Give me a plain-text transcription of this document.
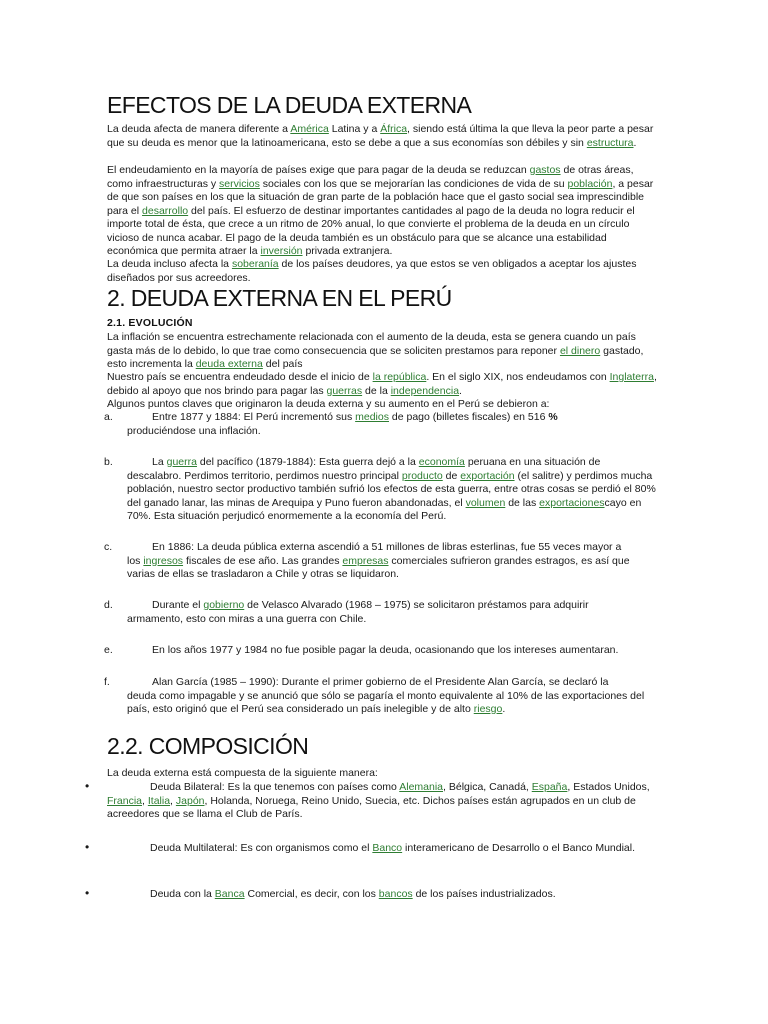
EFECTOS DE LA DEUDA EXTERNA

La deuda afecta de manera diferente a América Latina y a África, siendo está última la que lleva la peor parte a pesar que su deuda es menor que la latinoamericana, esto se debe a que a sus economías son débiles y sin estructura.

El endeudamiento en la mayoría de países exige que para pagar de la deuda se reduzcan gastos de otras áreas, como infraestructuras y servicios sociales con los que se mejorarían las condiciones de vida de su población, a pesar de que son países en los que la situación de gran parte de la población hace que el gasto social sea imprescindible para el desarrollo del país. El esfuerzo de destinar importantes cantidades al pago de la deuda no logra reducir el importe total de ésta, que crece a un ritmo de 20% anual, lo que convierte el problema de la deuda en un círculo vicioso de nunca acabar. El pago de la deuda también es un obstáculo para que se alcance una estabilidad económica que permita atraer la inversión privada extranjera.

La deuda incluso afecta la soberanía de los países deudores, ya que estos se ven obligados a aceptar los ajustes diseñados por sus acreedores.

2. DEUDA EXTERNA EN EL PERÚ
2.1. EVOLUCIÓN

La inflación se encuentra estrechamente relacionada con el aumento de la deuda, esta se genera cuando un país gasta más de lo debido, lo que trae como consecuencia que se soliciten prestamos para reponer el dinero gastado, esto incrementa la deuda externa del país

Nuestro país se encuentra endeudado desde el inicio de la república. En el siglo XIX, nos endeudamos con Inglaterra, debido al apoyo que nos brindo para pagar las guerras de la independencia.

Algunos puntos claves que originaron la deuda externa y su aumento en el Perú se debieron a:

a.	Entre 1877 y 1884: El Perú incrementó sus medios de pago (billetes fiscales) en 516 %

produciéndose una inflación.

b.	La guerra del pacífico (1879-1884): Esta guerra dejó a la economía peruana en una situación de

descalabro. Perdimos territorio, perdimos nuestro principal producto de exportación (el salitre) y perdimos mucha población, nuestro sector productivo también sufrió los efectos de esta guerra, entre otras cosas se perdió el 80% del ganado lanar, las minas de Arequipa y Puno fueron abandonadas, el volumen de las exportacionescayo en 70%. Esta situación perjudicó enormemente a la economía del Perú.

c.	En 1886: La deuda pública externa ascendió a 51 millones de libras esterlinas, fue 55 veces mayor a

los ingresos fiscales de ese año. Las grandes empresas comerciales sufrieron grandes estragos, es así que varias de ellas se trasladaron a Chile y otras se liquidaron.

d.	Durante el gobierno de Velasco Alvarado (1968 – 1975) se solicitaron préstamos para adquirir

armamento, esto con miras a una guerra con Chile.

e.	En los años 1977 y 1984 no fue posible pagar la deuda, ocasionando que los intereses aumentaran.
f.	Alan García (1985 – 1990): Durante el primer gobierno de el Presidente Alan García, se declaró la

deuda como impagable y se anunció que sólo se pagaría el monto equivalente al 10% de las exportaciones del país, esto originó que el Perú sea considerado un país inelegible y de alto riesgo.

2.2. COMPOSICIÓN

La deuda externa está compuesta de la siguiente manera:

•	Deuda Bilateral: Es la que tenemos con países como Alemania, Bélgica, Canadá, España, Estados Unidos, Francia, Italia, Japón, Holanda, Noruega, Reino Unido, Suecia, etc. Dichos países están agrupados en un club de acreedores que se llama el Club de París.

•	Deuda Multilateral: Es con organismos como el Banco interamericano de Desarrollo o el Banco Mundial.

•	Deuda con la Banca Comercial, es decir, con los bancos de los países industrializados.
